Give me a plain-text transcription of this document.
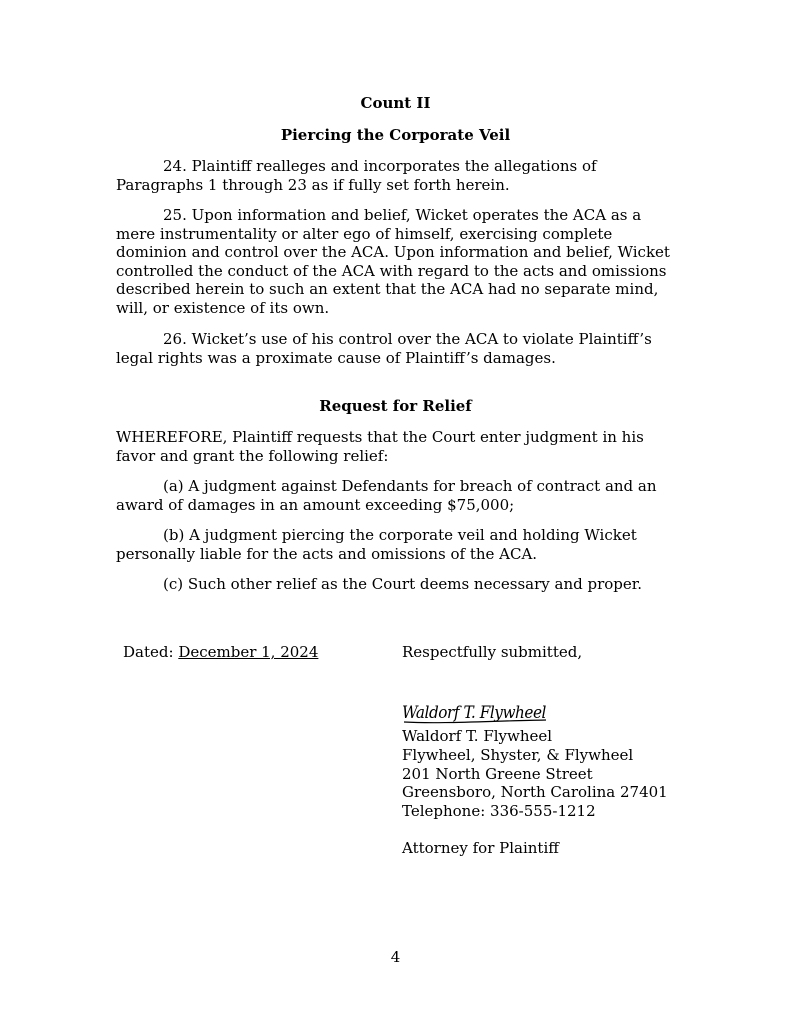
Count II
Piercing the Corporate Veil

24. Plaintiff realleges and incorporates the allegations of Paragraphs 1 through 23 as if fully set forth herein.

25. Upon information and belief, Wicket operates the ACA as a mere instrumentality or alter ego of himself, exercising complete dominion and control over the ACA. Upon information and belief, Wicket controlled the conduct of the ACA with regard to the acts and omissions described herein to such an extent that the ACA had no separate mind, will, or existence of its own.

26. Wicket’s use of his control over the ACA to violate Plaintiff’s legal rights was a proximate cause of Plaintiff’s damages.

Request for Relief

WHEREFORE, Plaintiff requests that the Court enter judgment in his favor and grant the following relief:

(a) A judgment against Defendants for breach of contract and an award of damages in an amount exceeding $75,000;

(b) A judgment piercing the corporate veil and holding Wicket personally liable for the acts and omissions of the ACA.

(c) Such other relief as the Court deems necessary and proper.

Dated: December 1, 2024	Respectfully submitted,
Waldorf T. Flywheel
Waldorf T. Flywheel
Flywheel, Shyster, & Flywheel
201 North Greene Street
Greensboro, North Carolina 27401
Telephone: 336-555-1212
Attorney for Plaintiff
4
